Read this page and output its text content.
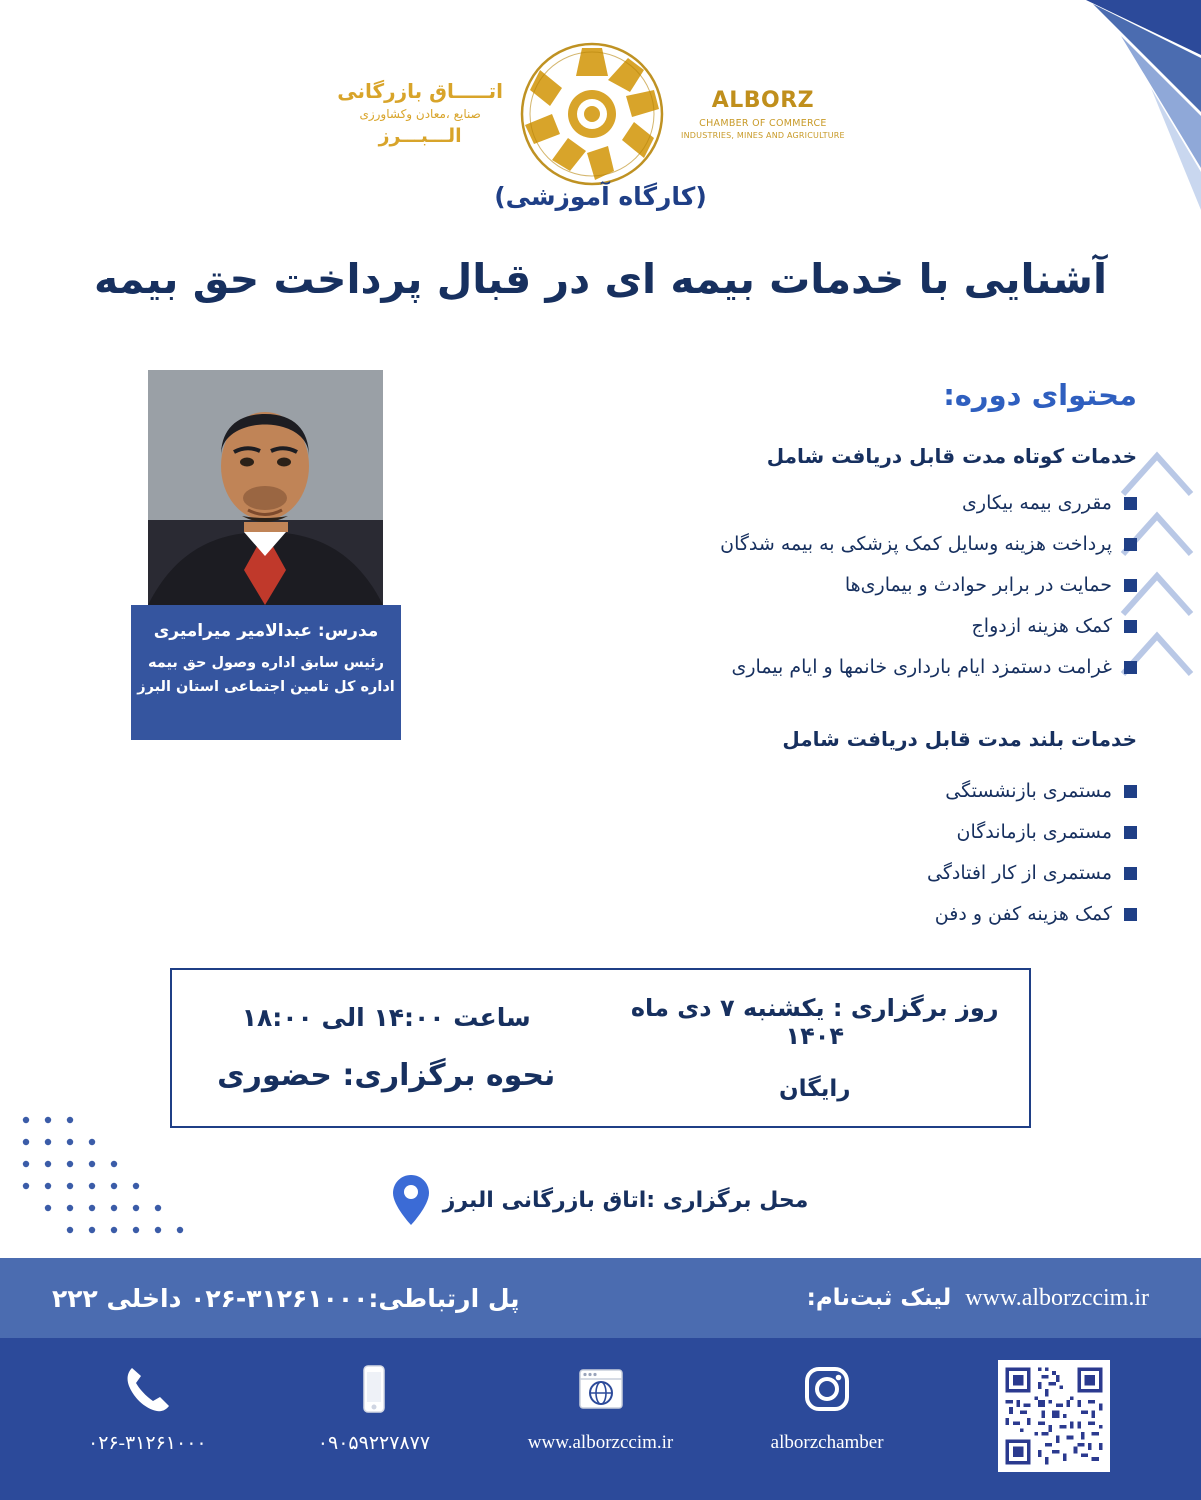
اتـــــاق بازرگانی
صنایع ،معادن وکشاورزی
الـــبـــرز
ALBORZ
CHAMBER OF COMMERCE
INDUSTRIES, MINES AND AGRICULTURE
(کارگاه آموزشی)
آشنایی با خدمات بیمه ای در قبال پرداخت حق بیمه
محتوای دوره:
خدمات کوتاه مدت قابل دریافت شامل
مقرری بیمه بیکاری
پرداخت هزینه وسایل کمک پزشکی به بیمه شدگان
حمایت در برابر حوادث و بیماری‌ها
کمک هزینه ازدواج
غرامت دستمزد ایام بارداری خانمها و ایام بیماری
خدمات بلند مدت قابل دریافت شامل
مستمری بازنشستگی
مستمری بازماندگان
مستمری از کار افتادگی
کمک هزینه کفن و دفن
مدرس: عبدالامیر میرامیری
رئیس سابق اداره وصول حق بیمه
اداره کل تامین اجتماعی استان البرز
روز برگزاری : یکشنبه ۷ دی ماه ۱۴۰۴
رایگان
ساعت ۱۴:۰۰ الی ۱۸:۰۰
نحوه برگزاری: حضوری
محل برگزاری :اتاق بازرگانی البرز
پل ارتباطی:۳۱۲۶۱۰۰۰-۰۲۶ داخلی ۲۲۲	لینک ثبت‌نام: www.alborzccim.ir
۰۲۶-۳۱۲۶۱۰۰۰	۰۹۰۵۹۲۲۷۸۷۷	www.alborzccim.ir	alborzchamber
